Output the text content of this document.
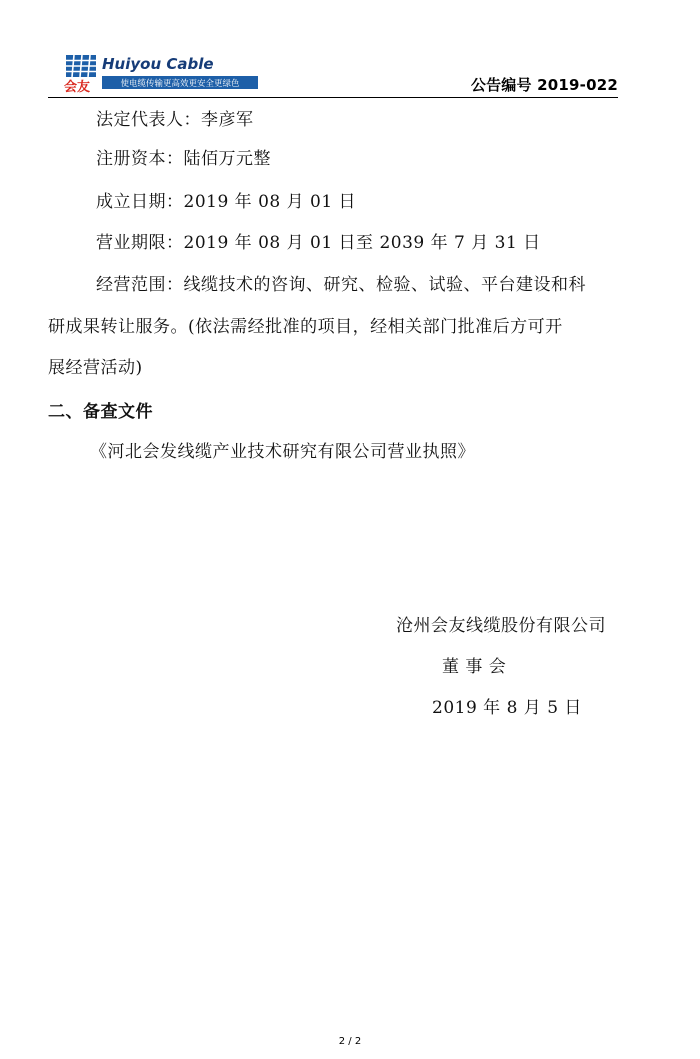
会友
Huiyou Cable
使电缆传输更高效更安全更绿色	公告编号 2019-022
法定代表人：李彦军
注册资本：陆佰万元整
成立日期：2019 年 08 月 01 日
营业期限：2019 年 08 月 01 日至 2039 年 7 月 31 日
经营范围：线缆技术的咨询、研究、检验、试验、平台建设和科
研成果转让服务。(依法需经批准的项目，经相关部门批准后方可开
展经营活动)
二、备查文件
《河北会发线缆产业技术研究有限公司营业执照》
沧州会友线缆股份有限公司
董 事 会
2019 年 8 月 5 日
2 / 2
